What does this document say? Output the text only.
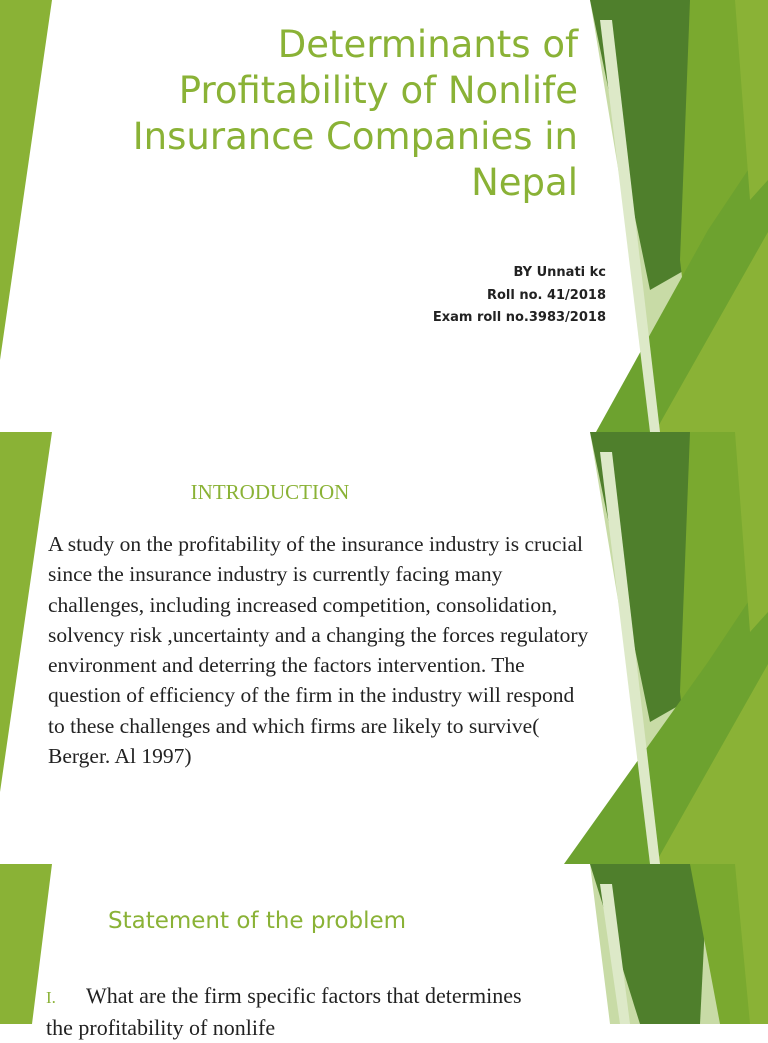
Determinants of Profitability of Nonlife Insurance Companies in Nepal
BY Unnati kc
Roll no. 41/2018
Exam roll no.3983/2018
INTRODUCTION
A study on the profitability of the insurance industry is crucial since the insurance industry is currently facing many challenges, including increased competition, consolidation, solvency risk ,uncertainty and a changing the forces regulatory environment and deterring the factors intervention. The question of efficiency of the firm in the industry will respond to these challenges and which firms are likely to survive( Berger. Al 1997)
Statement of the problem
I. What are the firm specific factors that determines the profitability of nonlife
